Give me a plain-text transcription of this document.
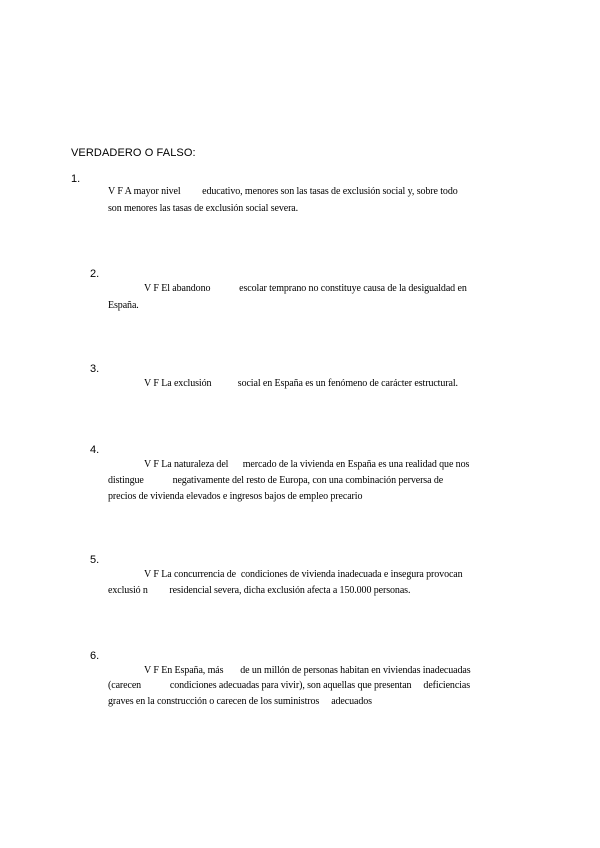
VERDADERO O FALSO:
1.
V F A mayor nivel         educativo, menores son las tasas de exclusión social y, sobre todo
son menores las tasas de exclusión social severa.
2.
V F El abandono            escolar temprano no constituye causa de la desigualdad en
España.
3.
V F La exclusión           social en España es un fenómeno de carácter estructural.
4.
V F La naturaleza del      mercado de la vivienda en España es una realidad que nos
distingue            negativamente del resto de Europa, con una combinación perversa de
precios de vivienda elevados e ingresos bajos de empleo precario
5.
V F La concurrencia de  condiciones de vivienda inadecuada e insegura provocan
exclusió n         residencial severa, dicha exclusión afecta a 150.000 personas.
6.
V F En España, más       de un millón de personas habitan en viviendas inadecuadas
(carecen            condiciones adecuadas para vivir), son aquellas que presentan     deficiencias
graves en la construcción o carecen de los suministros     adecuados
